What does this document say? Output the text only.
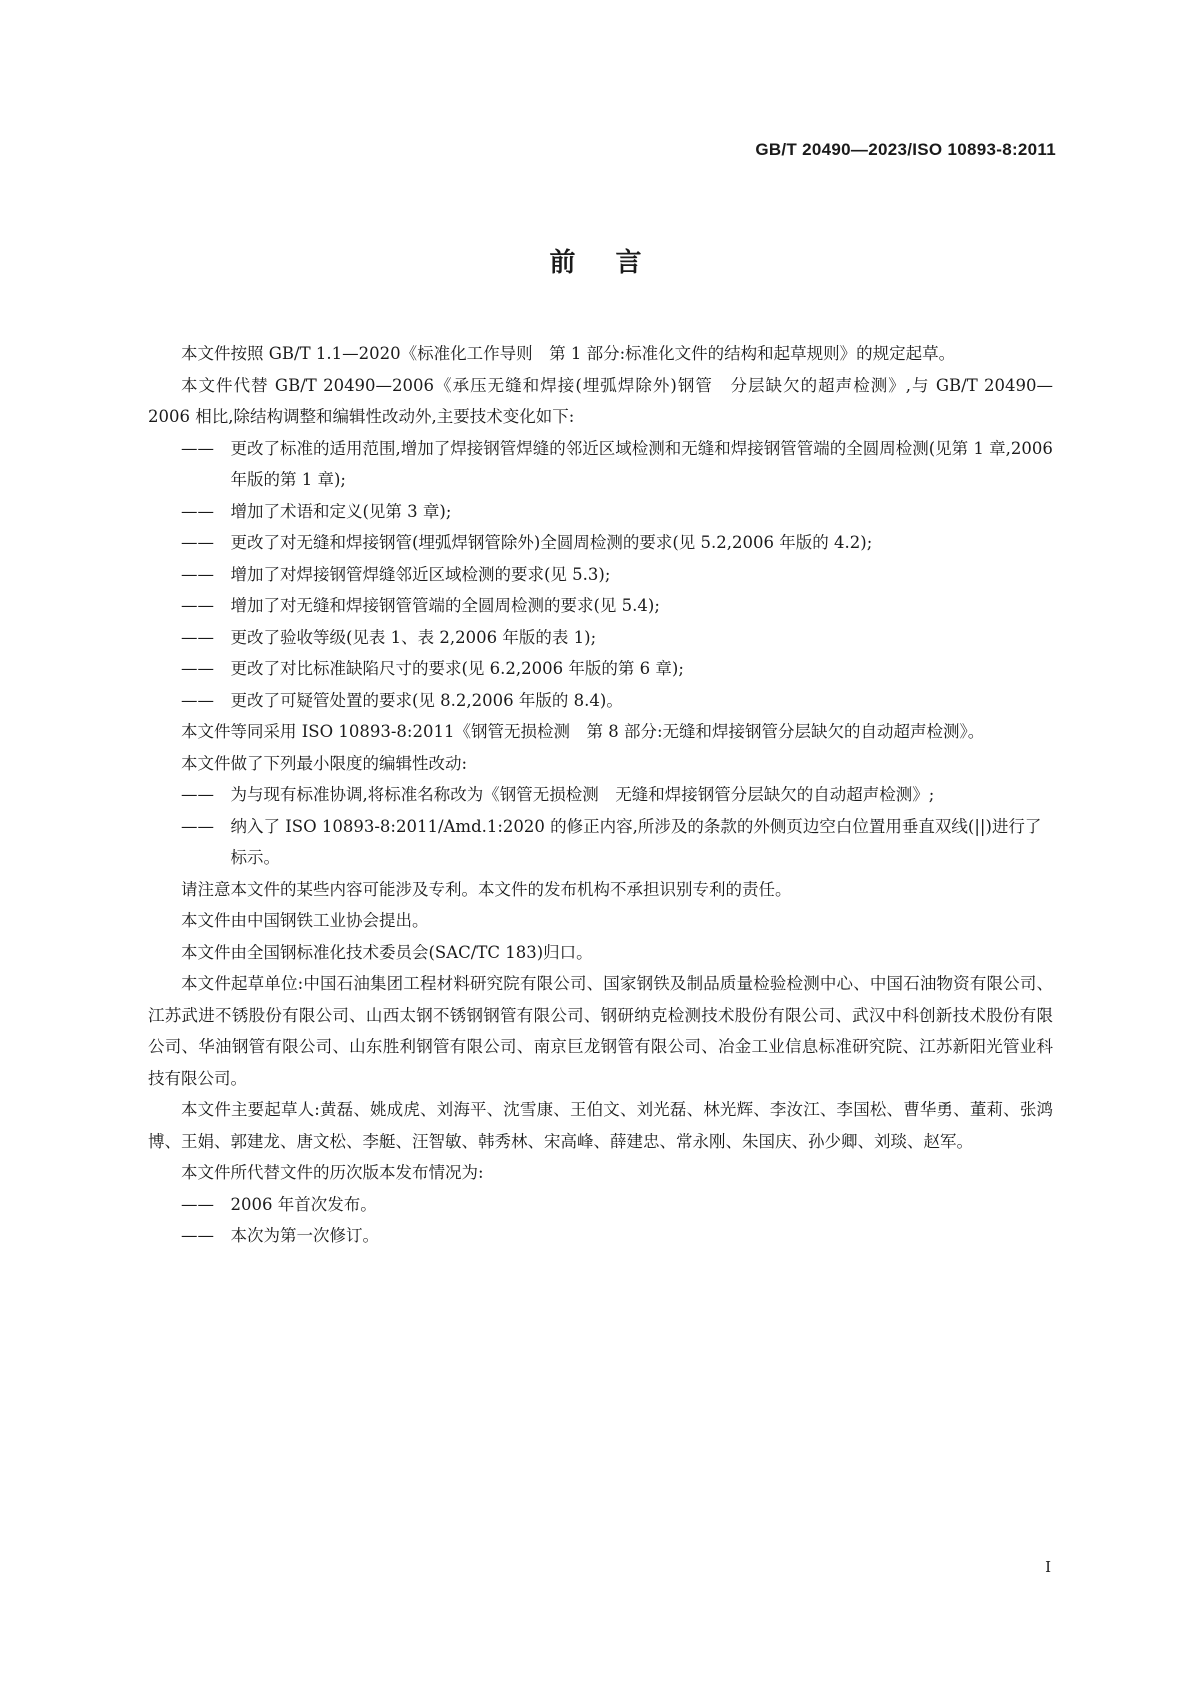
GB/T 20490—2023/ISO 10893-8:2011
前言

本文件按照 GB/T 1.1—2020《标准化工作导则　第 1 部分:标准化文件的结构和起草规则》的规定起草。

本文件代替 GB/T 20490—2006《承压无缝和焊接(埋弧焊除外)钢管　分层缺欠的超声检测》,与 GB/T 20490—2006 相比,除结构调整和编辑性改动外,主要技术变化如下:

——	更改了标准的适用范围,增加了焊接钢管焊缝的邻近区域检测和无缝和焊接钢管管端的全圆周检测(见第 1 章,2006 年版的第 1 章);
——	增加了术语和定义(见第 3 章);
——	更改了对无缝和焊接钢管(埋弧焊钢管除外)全圆周检测的要求(见 5.2,2006 年版的 4.2);
——	增加了对焊接钢管焊缝邻近区域检测的要求(见 5.3);
——	增加了对无缝和焊接钢管管端的全圆周检测的要求(见 5.4);
——	更改了验收等级(见表 1、表 2,2006 年版的表 1);
——	更改了对比标准缺陷尺寸的要求(见 6.2,2006 年版的第 6 章);
——	更改了可疑管处置的要求(见 8.2,2006 年版的 8.4)。

本文件等同采用 ISO 10893-8:2011《钢管无损检测　第 8 部分:无缝和焊接钢管分层缺欠的自动超声检测》。

本文件做了下列最小限度的编辑性改动:

——	为与现有标准协调,将标准名称改为《钢管无损检测　无缝和焊接钢管分层缺欠的自动超声检测》;
——	纳入了 ISO 10893-8:2011/Amd.1:2020 的修正内容,所涉及的条款的外侧页边空白位置用垂直双线(||)进行了标示。

请注意本文件的某些内容可能涉及专利。本文件的发布机构不承担识别专利的责任。

本文件由中国钢铁工业协会提出。

本文件由全国钢标准化技术委员会(SAC/TC 183)归口。

本文件起草单位:中国石油集团工程材料研究院有限公司、国家钢铁及制品质量检验检测中心、中国石油物资有限公司、江苏武进不锈股份有限公司、山西太钢不锈钢钢管有限公司、钢研纳克检测技术股份有限公司、武汉中科创新技术股份有限公司、华油钢管有限公司、山东胜利钢管有限公司、南京巨龙钢管有限公司、冶金工业信息标准研究院、江苏新阳光管业科技有限公司。

本文件主要起草人:黄磊、姚成虎、刘海平、沈雪康、王伯文、刘光磊、林光辉、李汝江、李国松、曹华勇、董莉、张鸿博、王娟、郭建龙、唐文松、李艇、汪智敏、韩秀林、宋高峰、薛建忠、常永刚、朱国庆、孙少卿、刘琰、赵军。

本文件所代替文件的历次版本发布情况为:

——	2006 年首次发布。
——	本次为第一次修订。
Ⅰ
